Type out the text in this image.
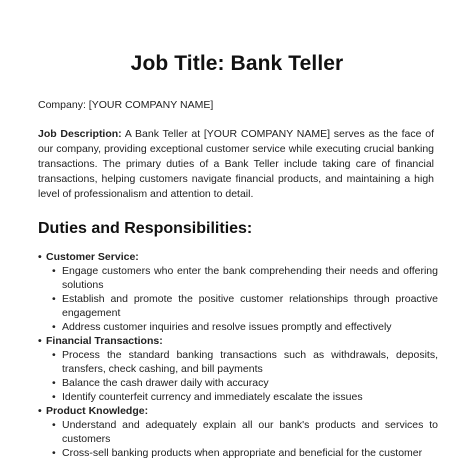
Job Title: Bank Teller
Company: [YOUR COMPANY NAME]
Job Description: A Bank Teller at [YOUR COMPANY NAME] serves as the face of our company, providing exceptional customer service while executing crucial banking transactions. The primary duties of a Bank Teller include taking care of financial transactions, helping customers navigate financial products, and maintaining a high level of professionalism and attention to detail.
Duties and Responsibilities:
• Customer Service:
• Engage customers who enter the bank comprehending their needs and offering solutions
• Establish and promote the positive customer relationships through proactive engagement
• Address customer inquiries and resolve issues promptly and effectively
• Financial Transactions:
• Process the standard banking transactions such as withdrawals, deposits, transfers, check cashing, and bill payments
• Balance the cash drawer daily with accuracy
• Identify counterfeit currency and immediately escalate the issues
• Product Knowledge:
• Understand and adequately explain all our bank's products and services to customers
• Cross-sell banking products when appropriate and beneficial for the customer
